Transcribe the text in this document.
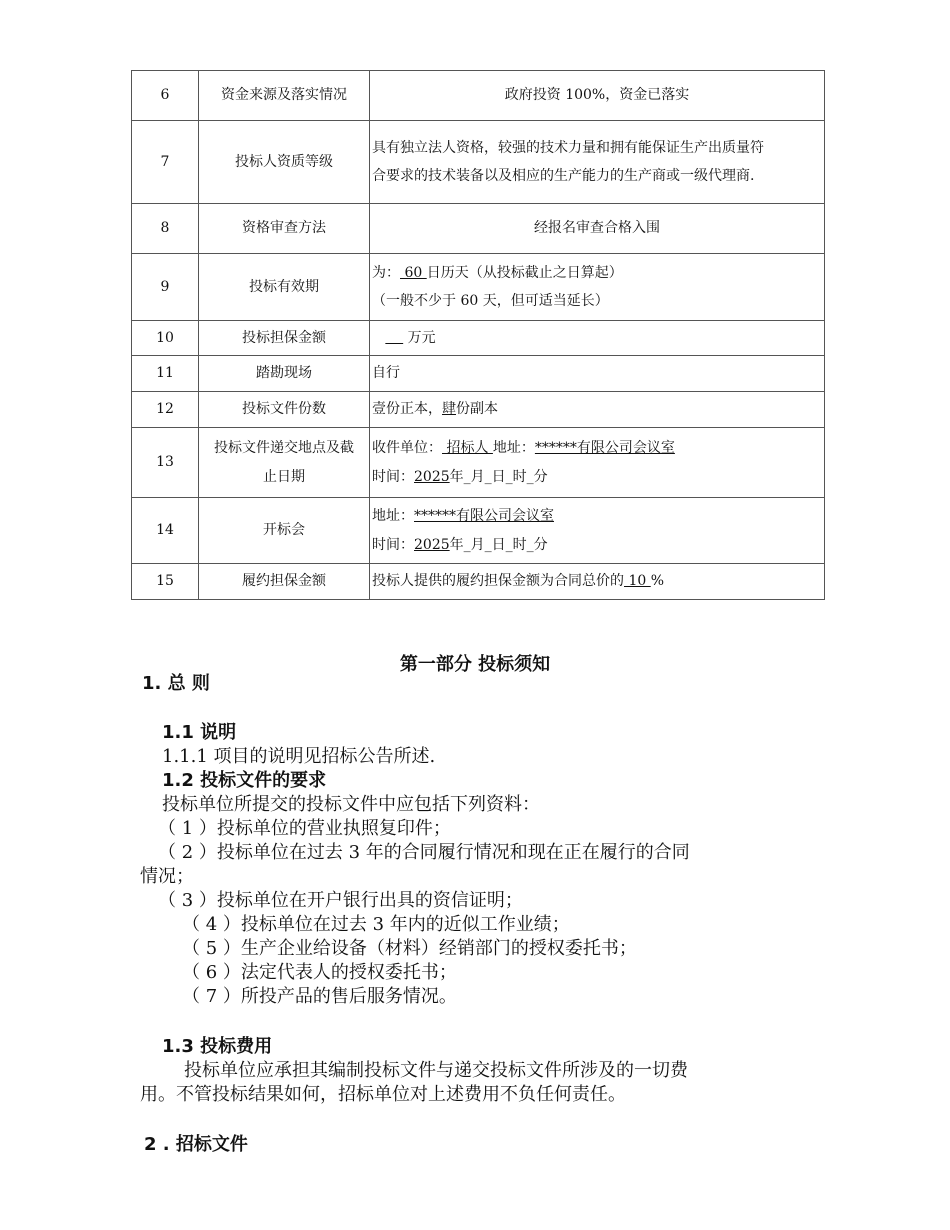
6	资金来源及落实情况	政府投资 100%，资金已落实
7	投标人资质等级	具有独立法人资格，较强的技术力量和拥有能保证生产出质量符
合要求的技术装备以及相应的生产能力的生产商或一级代理商.

8	资格审查方法	经报名审查合格入围
9	投标有效期	为： 60 日历天（从投标截止之日算起）
（一般不少于 60 天，但可适当延长）

10	投标担保金额	万元
11	踏勘现场	自行
12	投标文件份数	壹份正本，肆份副本
13	投标文件递交地点及截
止日期	收件单位： 招标人 地址：******有限公司会议室
时间：2025年_月_日_时_分

14	开标会	地址：******有限公司会议室
时间：2025年_月_日_时_分

15	履约担保金额	投标人提供的履约担保金额为合同总价的 10 %
第一部分 投标须知
1. 总 则
1.1 说明
1.1.1 项目的说明见招标公告所述.
1.2 投标文件的要求
投标单位所提交的投标文件中应包括下列资料：
（ 1 ）投标单位的营业执照复印件；
（ 2 ）投标单位在过去 3 年的合同履行情况和现在正在履行的合同
情况；
（ 3 ）投标单位在开户银行出具的资信证明；
（ 4 ）投标单位在过去 3 年内的近似工作业绩；
（ 5 ）生产企业给设备（材料）经销部门的授权委托书；
（ 6 ）法定代表人的授权委托书；
（ 7 ）所投产品的售后服务情况。
1.3 投标费用
投标单位应承担其编制投标文件与递交投标文件所涉及的一切费
用。不管投标结果如何，招标单位对上述费用不负任何责任。
2 . 招标文件
